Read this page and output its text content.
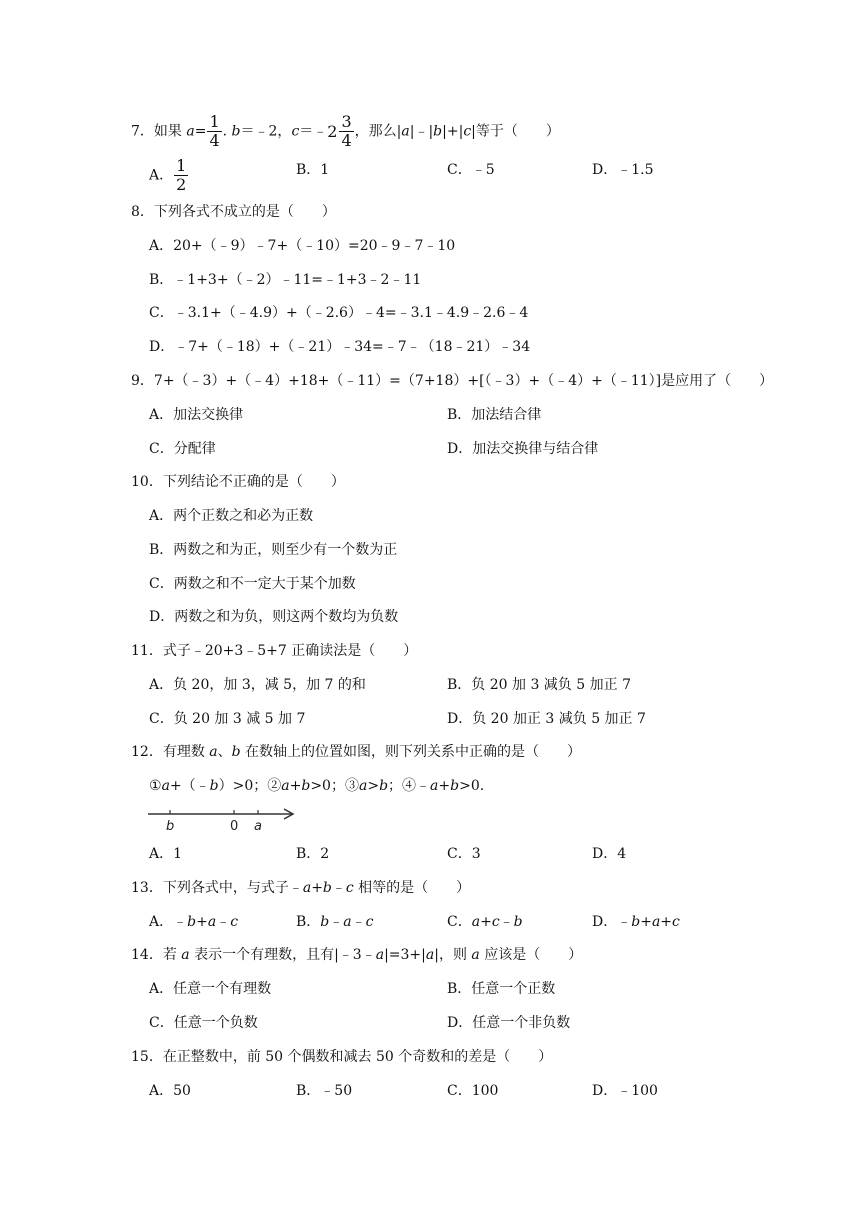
7．如果 $a= \frac{1}{4}$ . b＝﹣2，c＝﹣ $2 \frac{3}{4}$ ，那么|a|﹣|b|+|c|等于（　　）
A． $\frac{1}{2}$	B．1	C．﹣5	D．﹣1.5
8．下列各式不成立的是（　　）
A．20+（﹣9）﹣7+（﹣10）=20﹣9﹣7﹣10
B．﹣1+3+（﹣2）﹣11=﹣1+3﹣2﹣11
C．﹣3.1+（﹣4.9）+（﹣2.6）﹣4=﹣3.1﹣4.9﹣2.6﹣4
D．﹣7+（﹣18）+（﹣21）﹣34=﹣7﹣（18﹣21）﹣34
9．7+（﹣3）+（﹣4）+18+（﹣11）=（7+18）+[（﹣3）+（﹣4）+（﹣11）]是应用了（　　）
A．加法交换律	B．加法结合律
C．分配律	D．加法交换律与结合律
10．下列结论不正确的是（　　）
A．两个正数之和必为正数
B．两数之和为正，则至少有一个数为正
C．两数之和不一定大于某个加数
D．两数之和为负，则这两个数均为负数
11．式子﹣20+3﹣5+7 正确读法是（　　）
A．负 20，加 3，减 5，加 7 的和	B．负 20 加 3 减负 5 加正 7
C．负 20 加 3 减 5 加 7	D．负 20 加正 3 减负 5 加正 7
12．有理数 a、b 在数轴上的位置如图，则下列关系中正确的是（　　）
①a+（﹣b）>0；②a+b>0；③a>b；④﹣a+b>0.
b	0 a
A．1	B．2	C．3	D．4
13．下列各式中，与式子﹣a+b﹣c 相等的是（　　）
A．﹣b+a﹣c	B．b﹣a﹣c	C．a+c﹣b	D．﹣b+a+c
14．若 a 表示一个有理数，且有|﹣3﹣a|=3+|a|，则 a 应该是（　　）
A．任意一个有理数	B．任意一个正数
C．任意一个负数	D．任意一个非负数
15．在正整数中，前 50 个偶数和减去 50 个奇数和的差是（　　）
A．50	B．﹣50	C．100	D．﹣100
